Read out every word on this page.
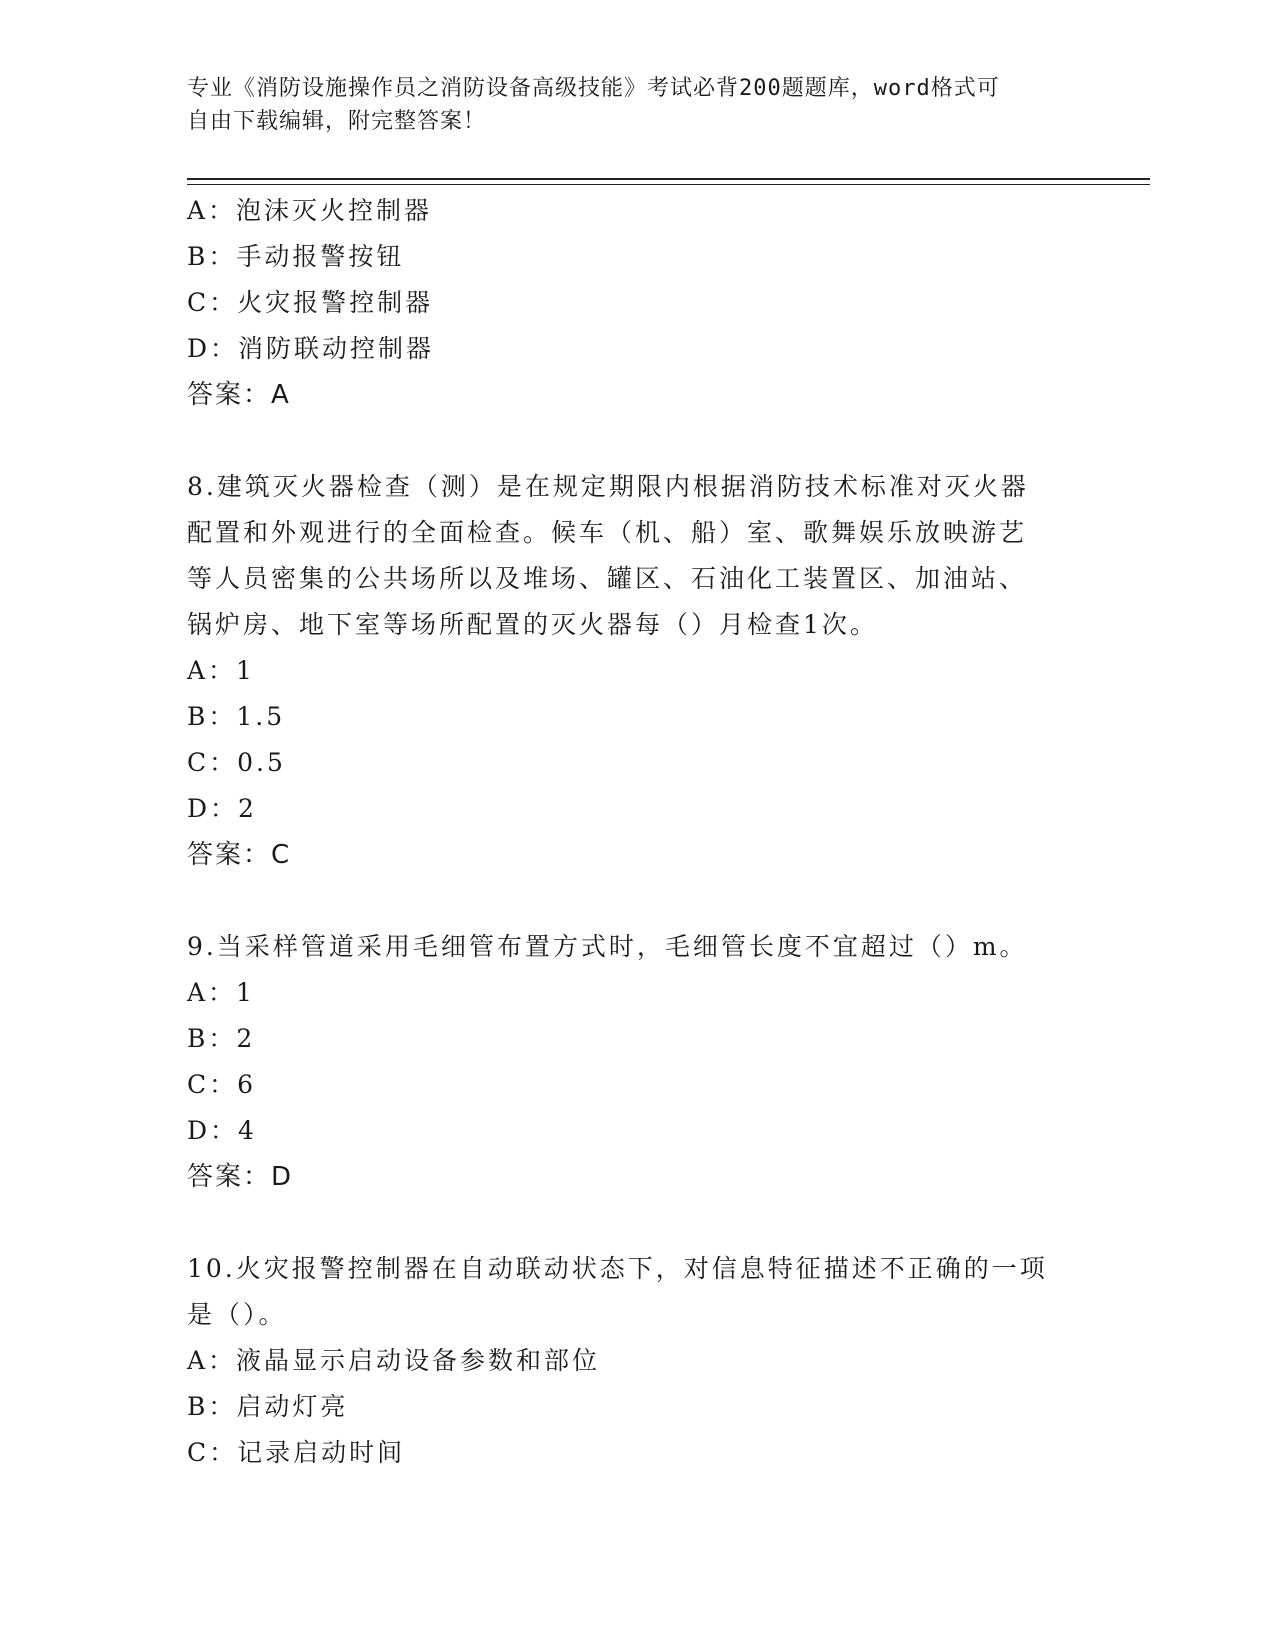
专业《消防设施操作员之消防设备高级技能》考试必背200题题库，word格式可
自由下载编辑，附完整答案！
A：泡沫灭火控制器
B：手动报警按钮
C：火灾报警控制器
D：消防联动控制器
答案：A
8.建筑灭火器检查（测）是在规定期限内根据消防技术标准对灭火器
配置和外观进行的全面检查。候车（机、船）室、歌舞娱乐放映游艺
等人员密集的公共场所以及堆场、罐区、石油化工装置区、加油站、
锅炉房、地下室等场所配置的灭火器每（）月检查1次。
A：1
B：1.5
C：0.5
D：2
答案：C
9.当采样管道采用毛细管布置方式时，毛细管长度不宜超过（）m。
A：1
B：2
C：6
D：4
答案：D
10.火灾报警控制器在自动联动状态下，对信息特征描述不正确的一项
是（）。
A：液晶显示启动设备参数和部位
B：启动灯亮
C：记录启动时间
